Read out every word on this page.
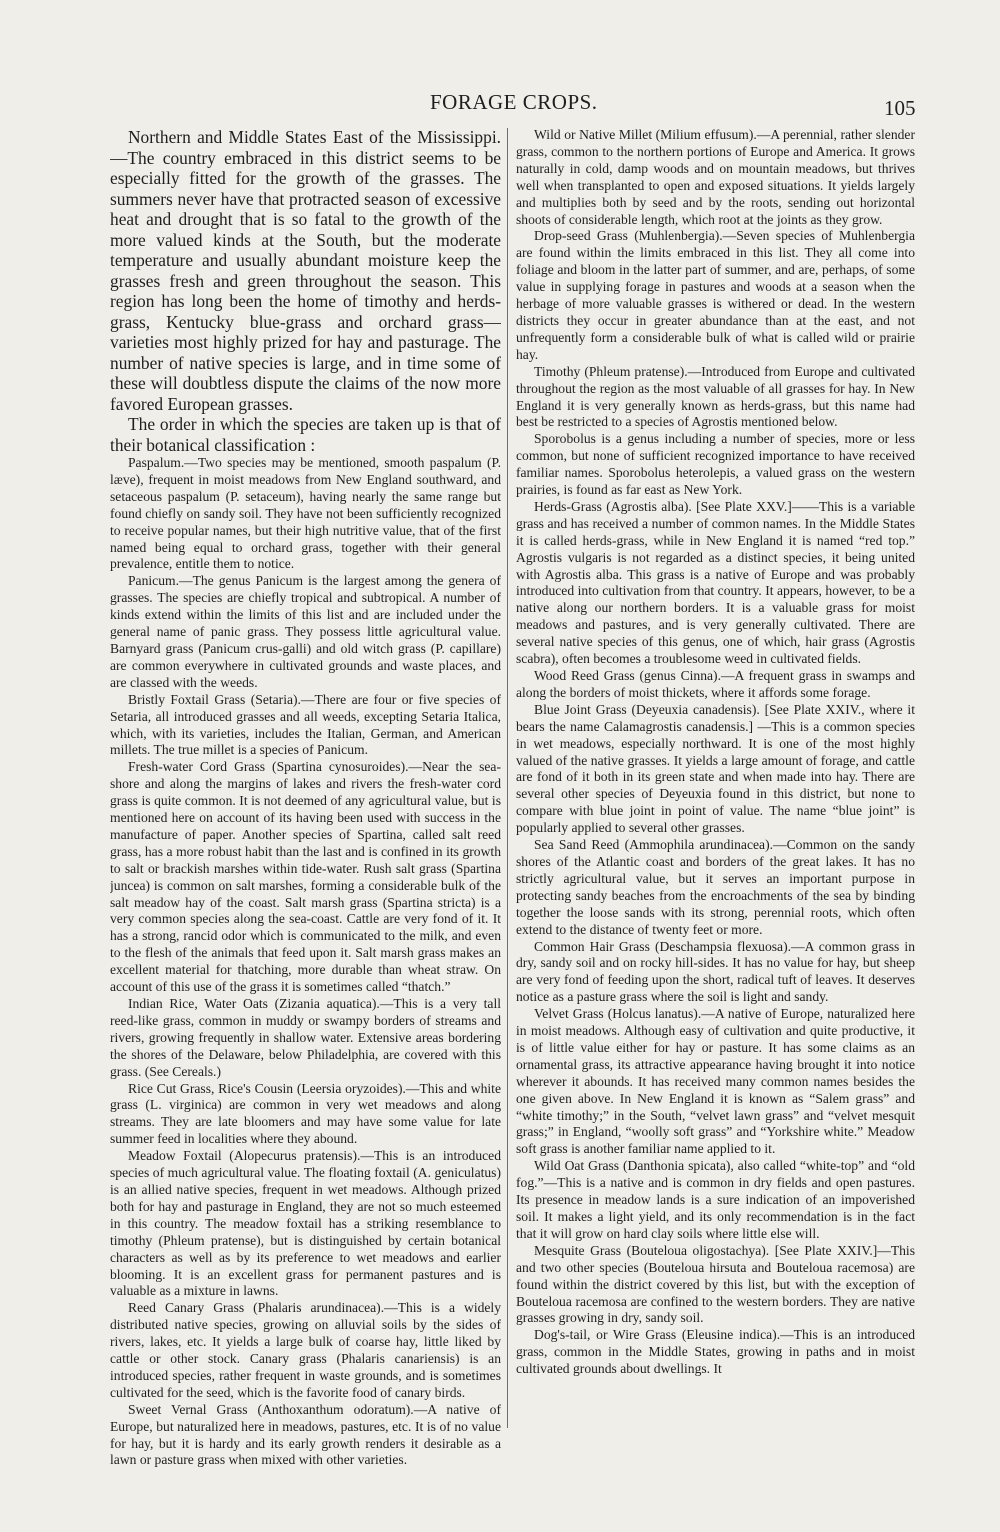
FORAGE CROPS.	105

Northern and Middle States East of the Mississippi.—The country embraced in this district seems to be especially fitted for the growth of the grasses. The summers never have that protracted season of excessive heat and drought that is so fatal to the growth of the more valued kinds at the South, but the moderate temperature and usually abundant moisture keep the grasses fresh and green throughout the season. This region has long been the home of timothy and herds-grass, Kentucky blue-grass and orchard grass—varieties most highly prized for hay and pasturage. The number of native species is large, and in time some of these will doubtless dispute the claims of the now more favored European grasses.

The order in which the species are taken up is that of their botanical classification :

Paspalum.—Two species may be mentioned, smooth paspalum (P. læve), frequent in moist meadows from New England southward, and setaceous paspalum (P. setaceum), having nearly the same range but found chiefly on sandy soil. They have not been sufficiently recognized to receive popular names, but their high nutritive value, that of the first named being equal to orchard grass, together with their general prevalence, entitle them to notice.

Panicum.—The genus Panicum is the largest among the genera of grasses. The species are chiefly tropical and subtropical. A number of kinds extend within the limits of this list and are included under the general name of panic grass. They possess little agricultural value. Barnyard grass (Panicum crus-galli) and old witch grass (P. capillare) are common everywhere in cultivated grounds and waste places, and are classed with the weeds.

Bristly Foxtail Grass (Setaria).—There are four or five species of Setaria, all introduced grasses and all weeds, excepting Setaria Italica, which, with its varieties, includes the Italian, German, and American millets. The true millet is a species of Panicum.

Fresh-water Cord Grass (Spartina cynosuroides).—Near the sea-shore and along the margins of lakes and rivers the fresh-water cord grass is quite common. It is not deemed of any agricultural value, but is mentioned here on account of its having been used with success in the manufacture of paper. Another species of Spartina, called salt reed grass, has a more robust habit than the last and is confined in its growth to salt or brackish marshes within tide-water. Rush salt grass (Spartina juncea) is common on salt marshes, forming a considerable bulk of the salt meadow hay of the coast. Salt marsh grass (Spartina stricta) is a very common species along the sea-coast. Cattle are very fond of it. It has a strong, rancid odor which is communicated to the milk, and even to the flesh of the animals that feed upon it. Salt marsh grass makes an excellent material for thatching, more durable than wheat straw. On account of this use of the grass it is sometimes called “thatch.”

Indian Rice, Water Oats (Zizania aquatica).—This is a very tall reed-like grass, common in muddy or swampy borders of streams and rivers, growing frequently in shallow water. Extensive areas bordering the shores of the Delaware, below Philadelphia, are covered with this grass. (See Cereals.)

Rice Cut Grass, Rice's Cousin (Leersia oryzoides).—This and white grass (L. virginica) are common in very wet meadows and along streams. They are late bloomers and may have some value for late summer feed in localities where they abound.

Meadow Foxtail (Alopecurus pratensis).—This is an introduced species of much agricultural value. The floating foxtail (A. geniculatus) is an allied native species, frequent in wet meadows. Although prized both for hay and pasturage in England, they are not so much esteemed in this country. The meadow foxtail has a striking resemblance to timothy (Phleum pratense), but is distinguished by certain botanical characters as well as by its preference to wet meadows and earlier blooming. It is an excellent grass for permanent pastures and is valuable as a mixture in lawns.

Reed Canary Grass (Phalaris arundinacea).—This is a widely distributed native species, growing on alluvial soils by the sides of rivers, lakes, etc. It yields a large bulk of coarse hay, little liked by cattle or other stock. Canary grass (Phalaris canariensis) is an introduced species, rather frequent in waste grounds, and is sometimes cultivated for the seed, which is the favorite food of canary birds.

Sweet Vernal Grass (Anthoxanthum odoratum).—A native of Europe, but naturalized here in meadows, pastures, etc. It is of no value for hay, but it is hardy and its early growth renders it desirable as a lawn or pasture grass when mixed with other varieties.

Wild or Native Millet (Milium effusum).—A perennial, rather slender grass, common to the northern portions of Europe and America. It grows naturally in cold, damp woods and on mountain meadows, but thrives well when transplanted to open and exposed situations. It yields largely and multiplies both by seed and by the roots, sending out horizontal shoots of considerable length, which root at the joints as they grow.

Drop-seed Grass (Muhlenbergia).—Seven species of Muhlenbergia are found within the limits embraced in this list. They all come into foliage and bloom in the latter part of summer, and are, perhaps, of some value in supplying forage in pastures and woods at a season when the herbage of more valuable grasses is withered or dead. In the western districts they occur in greater abundance than at the east, and not unfrequently form a considerable bulk of what is called wild or prairie hay.

Timothy (Phleum pratense).—Introduced from Europe and cultivated throughout the region as the most valuable of all grasses for hay. In New England it is very generally known as herds-grass, but this name had best be restricted to a species of Agrostis mentioned below.

Sporobolus is a genus including a number of species, more or less common, but none of sufficient recognized importance to have received familiar names. Sporobolus heterolepis, a valued grass on the western prairies, is found as far east as New York.

Herds-Grass (Agrostis alba). [See Plate XXV.]——This is a variable grass and has received a number of common names. In the Middle States it is called herds-grass, while in New England it is named “red top.” Agrostis vulgaris is not regarded as a distinct species, it being united with Agrostis alba. This grass is a native of Europe and was probably introduced into cultivation from that country. It appears, however, to be a native along our northern borders. It is a valuable grass for moist meadows and pastures, and is very generally cultivated. There are several native species of this genus, one of which, hair grass (Agrostis scabra), often becomes a troublesome weed in cultivated fields.

Wood Reed Grass (genus Cinna).—A frequent grass in swamps and along the borders of moist thickets, where it affords some forage.

Blue Joint Grass (Deyeuxia canadensis). [See Plate XXIV., where it bears the name Calamagrostis canadensis.] —This is a common species in wet meadows, especially northward. It is one of the most highly valued of the native grasses. It yields a large amount of forage, and cattle are fond of it both in its green state and when made into hay. There are several other species of Deyeuxia found in this district, but none to compare with blue joint in point of value. The name “blue joint” is popularly applied to several other grasses.

Sea Sand Reed (Ammophila arundinacea).—Common on the sandy shores of the Atlantic coast and borders of the great lakes. It has no strictly agricultural value, but it serves an important purpose in protecting sandy beaches from the encroachments of the sea by binding together the loose sands with its strong, perennial roots, which often extend to the distance of twenty feet or more.

Common Hair Grass (Deschampsia flexuosa).—A common grass in dry, sandy soil and on rocky hill-sides. It has no value for hay, but sheep are very fond of feeding upon the short, radical tuft of leaves. It deserves notice as a pasture grass where the soil is light and sandy.

Velvet Grass (Holcus lanatus).—A native of Europe, naturalized here in moist meadows. Although easy of cultivation and quite productive, it is of little value either for hay or pasture. It has some claims as an ornamental grass, its attractive appearance having brought it into notice wherever it abounds. It has received many common names besides the one given above. In New England it is known as “Salem grass” and “white timothy;” in the South, “velvet lawn grass” and “velvet mesquit grass;” in England, “woolly soft grass” and “Yorkshire white.” Meadow soft grass is another familiar name applied to it.

Wild Oat Grass (Danthonia spicata), also called “white-top” and “old fog.”—This is a native and is common in dry fields and open pastures. Its presence in meadow lands is a sure indication of an impoverished soil. It makes a light yield, and its only recommendation is in the fact that it will grow on hard clay soils where little else will.

Mesquite Grass (Bouteloua oligostachya). [See Plate XXIV.]—This and two other species (Bouteloua hirsuta and Bouteloua racemosa) are found within the district covered by this list, but with the exception of Bouteloua racemosa are confined to the western borders. They are native grasses growing in dry, sandy soil.

Dog's-tail, or Wire Grass (Eleusine indica).—This is an introduced grass, common in the Middle States, growing in paths and in moist cultivated grounds about dwellings. It
